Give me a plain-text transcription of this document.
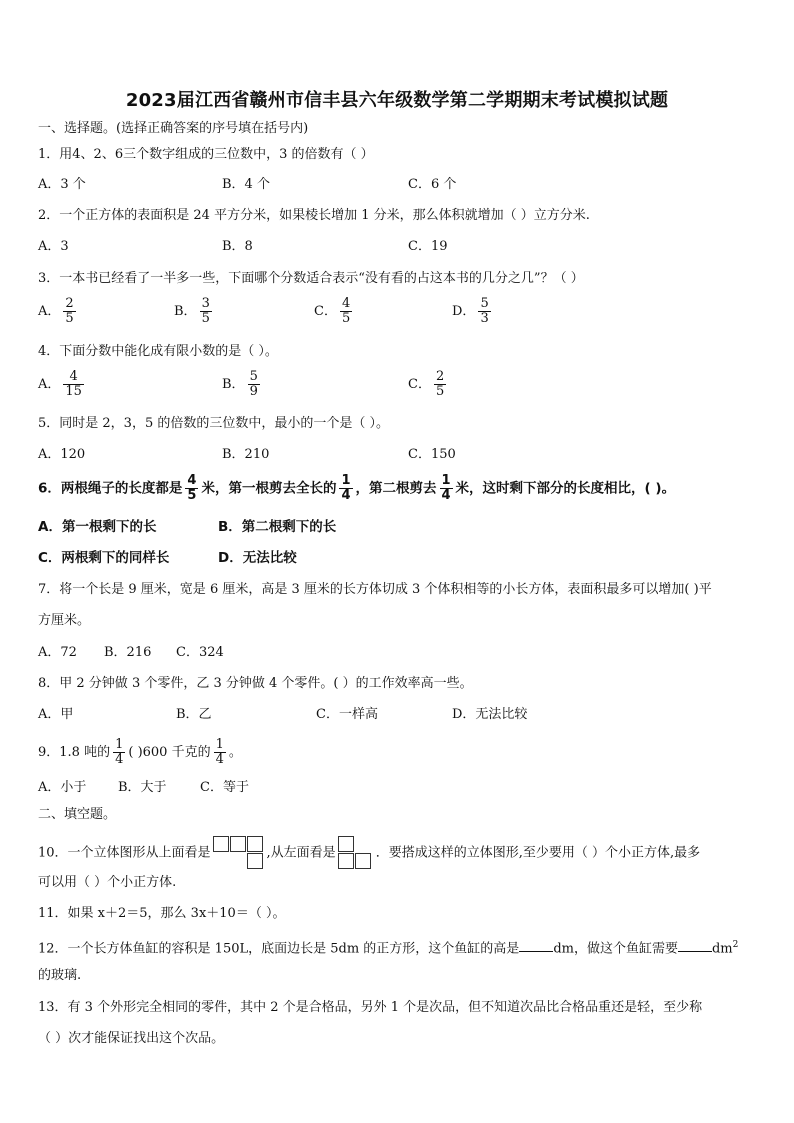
2023届江西省赣州市信丰县六年级数学第二学期期末考试模拟试题
一、选择题。(选择正确答案的序号填在括号内)
1．用4、2、6三个数字组成的三位数中，3 的倍数有（ ）
A．3 个	B．4 个	C．6 个
2．一个正方体的表面积是 24 平方分米，如果棱长增加 1 分米，那么体积就增加（ ）立方分米.
A．3	B．8	C．19
3．一本书已经看了一半多一些，下面哪个分数适合表示“没有看的占这本书的几分之几”？（ ）
A． $\frac{2}{5}$	B． $\frac{3}{5}$	C． $\frac{4}{5}$	D． $\frac{5}{3}$
4．下面分数中能化成有限小数的是（ ）。
A． $\frac{4}{15}$	B． $\frac{5}{9}$	C． $\frac{2}{5}$
5．同时是 2，3，5 的倍数的三位数中，最小的一个是（ ）。
A．120	B．210	C．150
6．两根绳子的长度都是 $\frac{4}{5}$ 米，第一根剪去全长的 $\frac{1}{4}$ ，第二根剪去 $\frac{1}{4}$ 米，这时剩下部分的长度相比，( )。
A．第一根剩下的长	B．第二根剩下的长
C．两根剩下的同样长	D．无法比较
7．将一个长是 9 厘米，宽是 6 厘米，高是 3 厘米的长方体切成 3 个体积相等的小长方体，表面积最多可以增加( )平
方厘米。
A．72 B．216 C．324
8．甲 2 分钟做 3 个零件，乙 3 分钟做 4 个零件。( ）的工作效率高一些。
A．甲	B．乙	C．一样高	D．无法比较
9．1.8 吨的 $\frac{1}{4}$ ( )600 千克的 $\frac{1}{4}$ 。
A．小于 B．大于	C．等于
二、填空题。
10．一个立体图形从上面看是	,从左面看是	．要搭成这样的立体图形,至少要用（ ）个小正方体,最多
可以用（ ）个小正方体.
11．如果 x＋2＝5，那么 3x＋10＝（ ）。
12．一个长方体鱼缸的容积是 150L，底面边长是 5dm 的正方形，这个鱼缸的高是	dm，做这个鱼缸需要	$dm^2$
的玻璃.
13．有 3 个外形完全相同的零件，其中 2 个是合格品，另外 1 个是次品，但不知道次品比合格品重还是轻，至少称
（ ）次才能保证找出这个次品。
